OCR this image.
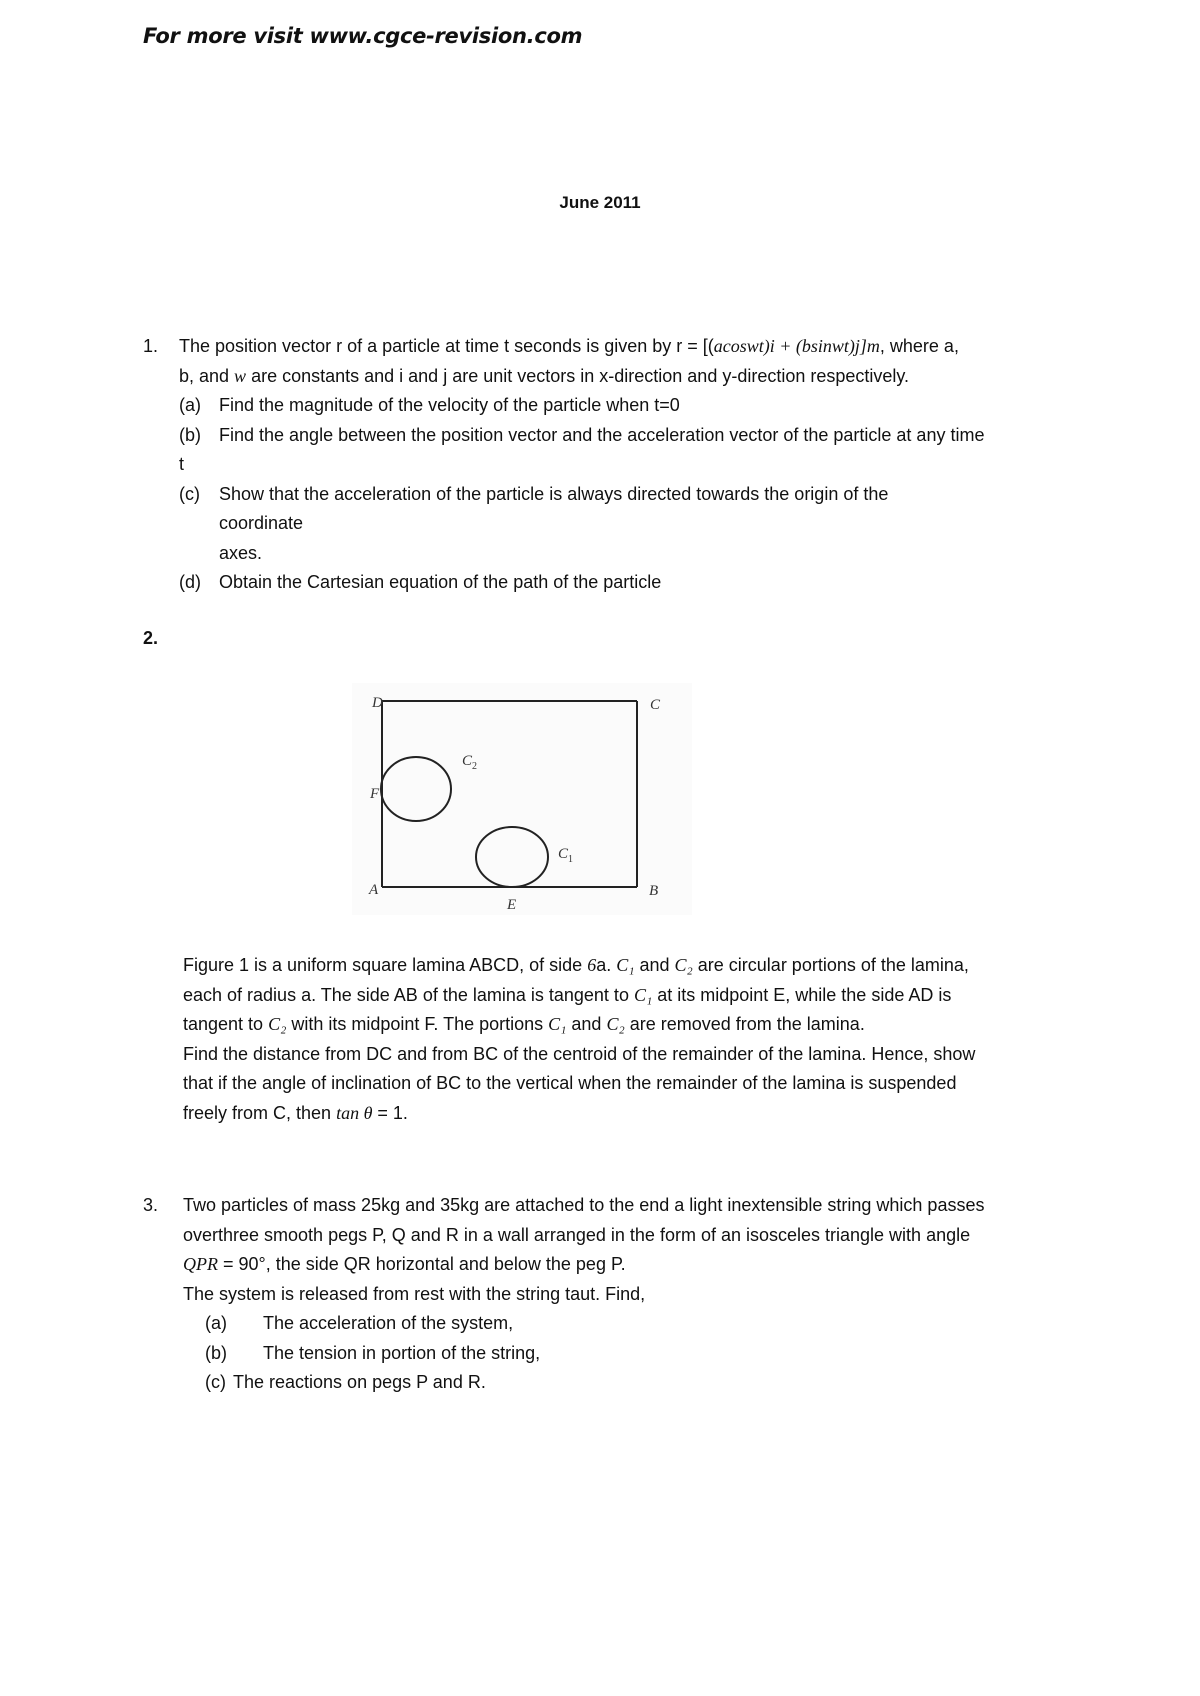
For more visit www.cgce-revision.com
June 2011
1. The position vector r of a particle at time t seconds is given by r = [(acoswt)i + (bsinwt)j]m, where a,
b, and w are constants and i and j are unit vectors in x-direction and y-direction respectively.
(a) Find the magnitude of the velocity of the particle when t=0
(b) Find the angle between the position vector and the acceleration vector of the particle at any time
t
(c) Show that the acceleration of the particle is always directed towards the origin of the
coordinate
axes.
(d) Obtain the Cartesian equation of the path of the particle
2.
D	C
F
A	B
E
C 2
C 1
Figure 1 is a uniform square lamina ABCD, of side 6a. C₁ and C₂ are circular portions of the lamina,
each of radius a. The side AB of the lamina is tangent to C₁ at its midpoint E, while the side AD is
tangent to C₂ with its midpoint F. The portions C₁ and C₂ are removed from the lamina.
Find the distance from DC and from BC of the centroid of the remainder of the lamina. Hence, show
that if the angle of inclination of BC to the vertical when the remainder of the lamina is suspended
freely from C, then tan θ = 1.
3. Two particles of mass 25kg and 35kg are attached to the end a light inextensible string which passes
overthree smooth pegs P, Q and R in a wall arranged in the form of an isosceles triangle with angle
QPR = 90°, the side QR horizontal and below the peg P.
The system is released from rest with the string taut. Find,
(a) The acceleration of the system,
(b) The tension in portion of the string,
(c) The reactions on pegs P and R.
